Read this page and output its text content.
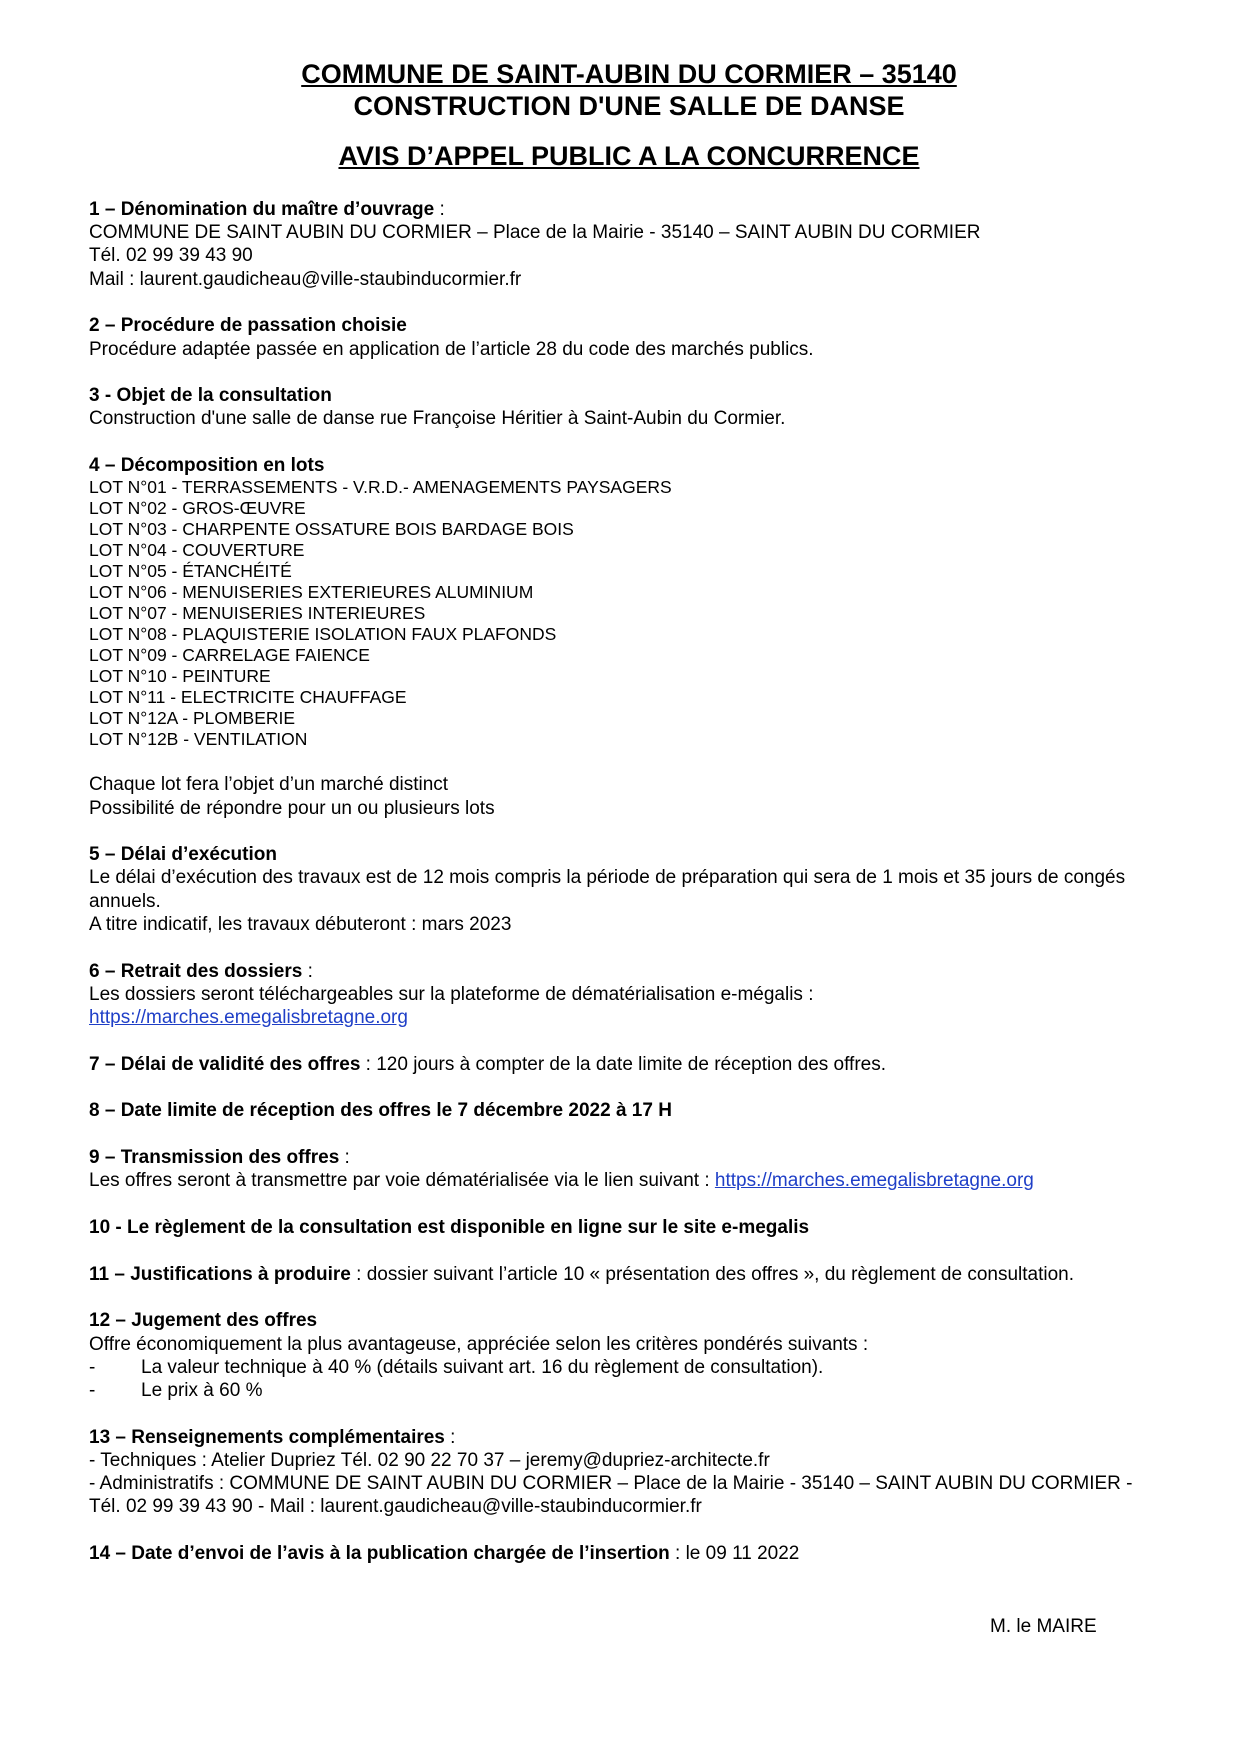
COMMUNE DE SAINT-AUBIN DU CORMIER – 35140

CONSTRUCTION D'UNE SALLE DE DANSE

AVIS D’APPEL PUBLIC A LA CONCURRENCE

1 – Dénomination du maître d’ouvrage :
COMMUNE DE SAINT AUBIN DU CORMIER – Place de la Mairie - 35140 – SAINT AUBIN DU CORMIER
Tél. 02 99 39 43 90
Mail : laurent.gaudicheau@ville-staubinducormier.fr
2 – Procédure de passation choisie
Procédure adaptée passée en application de l’article 28 du code des marchés publics.
3 - Objet de la consultation
Construction d'une salle de danse rue Françoise Héritier à Saint-Aubin du Cormier.
4 – Décomposition en lots
LOT N°01 - TERRASSEMENTS - V.R.D.- AMENAGEMENTS PAYSAGERS
LOT N°02 - GROS-ŒUVRE
LOT N°03 - CHARPENTE OSSATURE BOIS BARDAGE BOIS
LOT N°04 - COUVERTURE
LOT N°05 - ÉTANCHÉITÉ
LOT N°06 - MENUISERIES EXTERIEURES ALUMINIUM
LOT N°07 - MENUISERIES INTERIEURES
LOT N°08 - PLAQUISTERIE ISOLATION FAUX PLAFONDS
LOT N°09 - CARRELAGE FAIENCE
LOT N°10 - PEINTURE
LOT N°11 - ELECTRICITE CHAUFFAGE
LOT N°12A - PLOMBERIE
LOT N°12B - VENTILATION
Chaque lot fera l’objet d’un marché distinct
Possibilité de répondre pour un ou plusieurs lots
5 – Délai d’exécution
Le délai d’exécution des travaux est de 12 mois compris la période de préparation qui sera de 1 mois et 35 jours de congés annuels.
A titre indicatif, les travaux débuteront : mars 2023
6 – Retrait des dossiers :
Les dossiers seront téléchargeables sur la plateforme de dématérialisation e-mégalis :
https://marches.emegalisbretagne.org
7 – Délai de validité des offres : 120 jours à compter de la date limite de réception des offres.
8 – Date limite de réception des offres le 7 décembre 2022 à 17 H
9 – Transmission des offres :
Les offres seront à transmettre par voie dématérialisée via le lien suivant : https://marches.emegalisbretagne.org
10 - Le règlement de la consultation est disponible en ligne sur le site e-megalis
11 – Justifications à produire : dossier suivant l’article 10 « présentation des offres », du règlement de consultation.
12 – Jugement des offres
Offre économiquement la plus avantageuse, appréciée selon les critères pondérés suivants :
-	La valeur technique à 40 % (détails suivant art. 16 du règlement de consultation).
-	Le prix à 60 %
13 – Renseignements complémentaires :
- Techniques : Atelier Dupriez Tél. 02 90 22 70 37 – jeremy@dupriez-architecte.fr
- Administratifs : COMMUNE DE SAINT AUBIN DU CORMIER – Place de la Mairie - 35140 – SAINT AUBIN DU CORMIER - Tél. 02 99 39 43 90 - Mail : laurent.gaudicheau@ville-staubinducormier.fr
14 – Date d’envoi de l’avis à la publication chargée de l’insertion : le 09 11 2022
M. le MAIRE
